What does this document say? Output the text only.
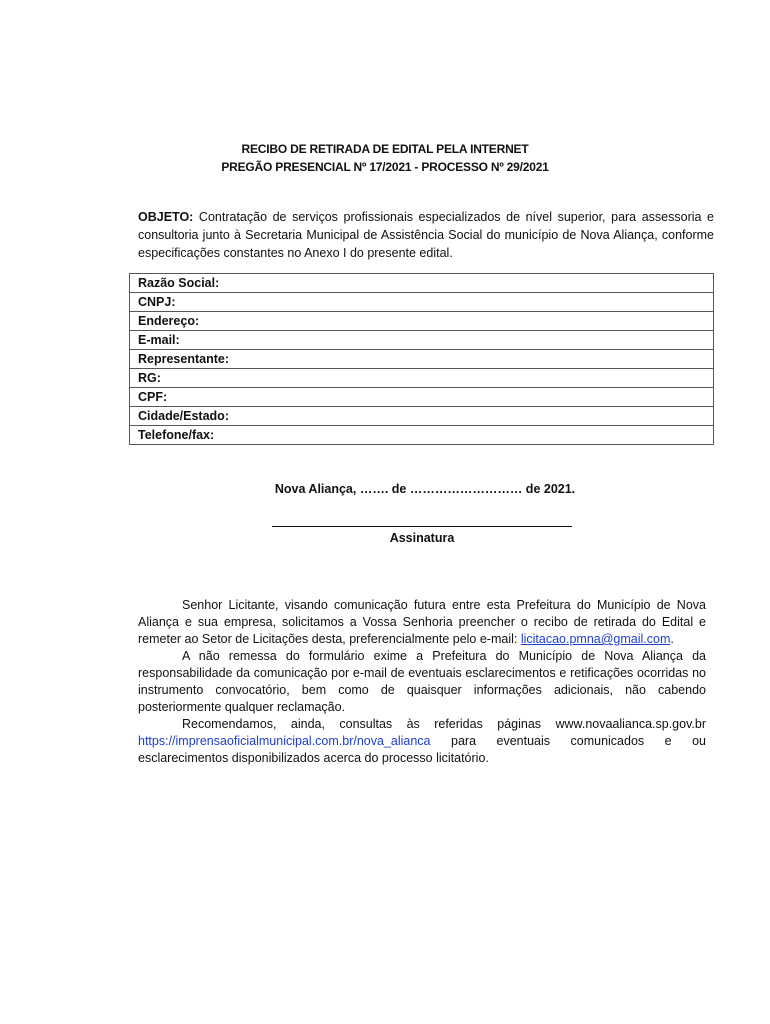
RECIBO DE RETIRADA DE EDITAL PELA INTERNET
PREGÃO PRESENCIAL Nº 17/2021 - PROCESSO Nº 29/2021
OBJETO: Contratação de serviços profissionais especializados de nível superior, para assessoria e consultoria junto à Secretaria Municipal de Assistência Social do município de Nova Aliança, conforme especificações constantes no Anexo I do presente edital.
Razão Social:
CNPJ:
Endereço:
E-mail:
Representante:
RG:
CPF:
Cidade/Estado:
Telefone/fax:
Nova Aliança, ……. de ……………………… de 2021.
Assinatura

Senhor Licitante, visando comunicação futura entre esta Prefeitura do Município de Nova Aliança e sua empresa, solicitamos a Vossa Senhoria preencher o recibo de retirada do Edital e remeter ao Setor de Licitações desta, preferencialmente pelo e-mail: licitacao.pmna@gmail.com.

A não remessa do formulário exime a Prefeitura do Município de Nova Aliança da responsabilidade da comunicação por e-mail de eventuais esclarecimentos e retificações ocorridas no instrumento convocatório, bem como de quaisquer informações adicionais, não cabendo posteriormente qualquer reclamação.

Recomendamos, ainda, consultas às referidas páginas www.novaalianca.sp.gov.br https://imprensaoficialmunicipal.com.br/nova_alianca para eventuais comunicados e ou esclarecimentos disponibilizados acerca do processo licitatório.
